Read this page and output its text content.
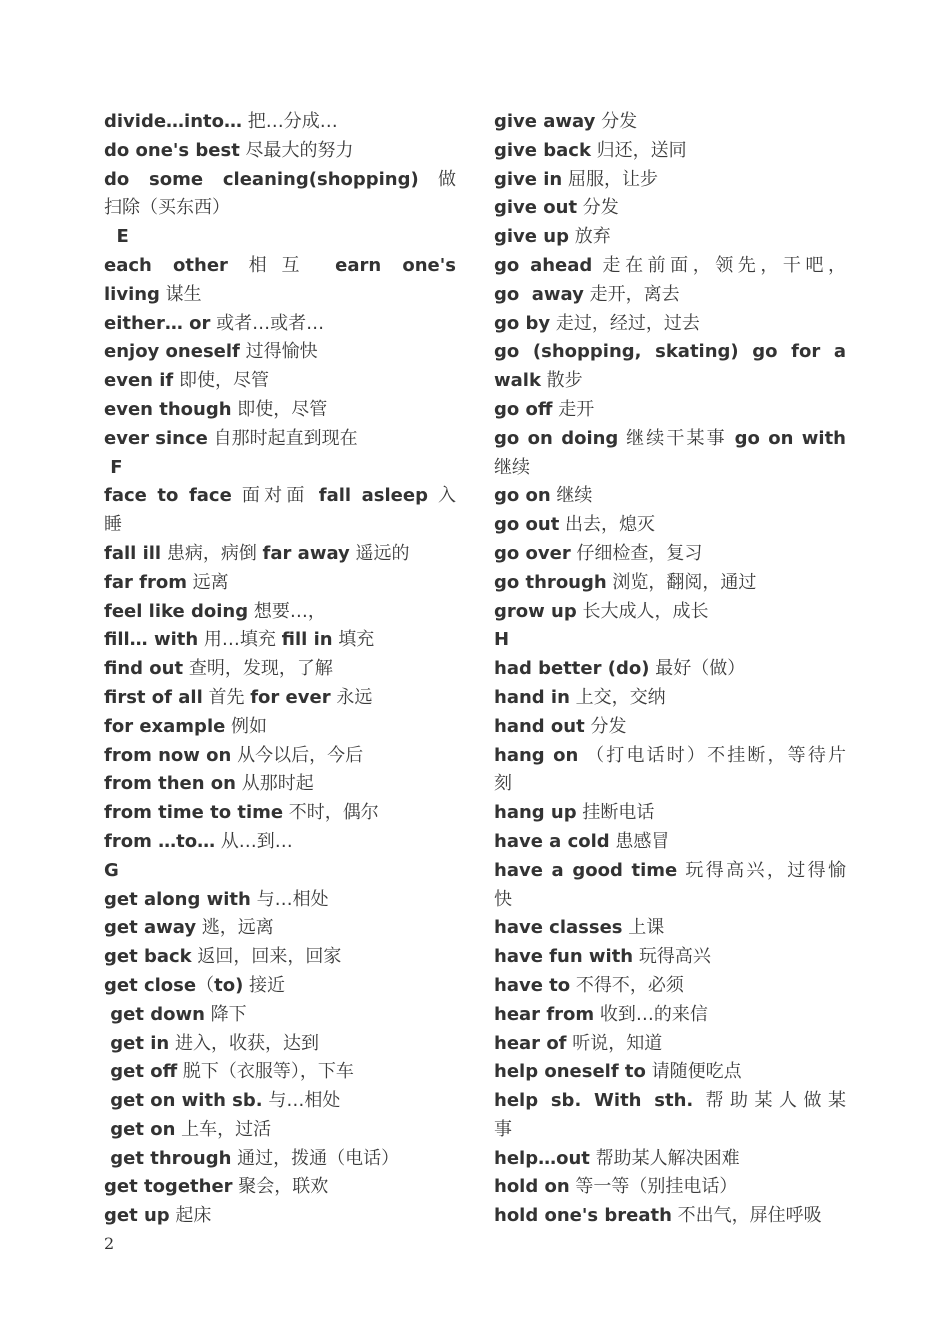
divide…into… 把…分成…
do one's best 尽最大的努力
do some cleaning(shopping) 做
扫除（买东西）
E
each other 相互 earn one's
living 谋生
either… or 或者…或者…
enjoy oneself 过得愉快
even if 即使，尽管
even though 即使，尽管
ever since 自那时起直到现在
F
face to face 面对面 fall asleep 入
睡
fall ill 患病，病倒 far away 遥远的
far from 远离
feel like doing 想要…，
fill… with 用…填充 fill in 填充
find out 查明，发现，了解
first of all 首先 for ever 永远
for example 例如
from now on 从今以后，今后
from then on 从那时起
from time to time 不时，偶尔
from …to… 从…到…
G
get along with 与…相处
get away 逃，远离
get back 返回，回来，回家
get close（to) 接近
get down 降下
get in 进入，收获，达到
get off 脱下（衣服等），下车
get on with sb. 与…相处
get on 上车，过活
get through 通过，拨通（电话）
get together 聚会，联欢
get up 起床
give away 分发
give back 归还，送同
give in 屈服，让步
give out 分发
give up 放弃
go ahead 走在前面，领先，干吧，
go  away 走开，离去
go by 走过，经过，过去
go (shopping, skating) go for a
walk 散步
go off 走开
go on doing 继续干某事 go on with
继续
go on 继续
go out 出去，熄灭
go over 仔细检查，复习
go through 浏览，翻阅，通过
grow up 长大成人，成长
H
had better (do) 最好（做）
hand in 上交，交纳
hand out 分发
hang on （打电话时）不挂断，等待片
刻
hang up 挂断电话
have a cold 患感冒
have a good time 玩得高兴，过得愉
快
have classes 上课
have fun with 玩得高兴
have to 不得不，必须
hear from 收到…的来信
hear of 听说，知道
help oneself to 请随便吃点
help sb. With sth. 帮助某人做某
事
help…out 帮助某人解决困难
hold on 等一等（别挂电话）
hold one's breath 不出气，屏住呼吸
2
